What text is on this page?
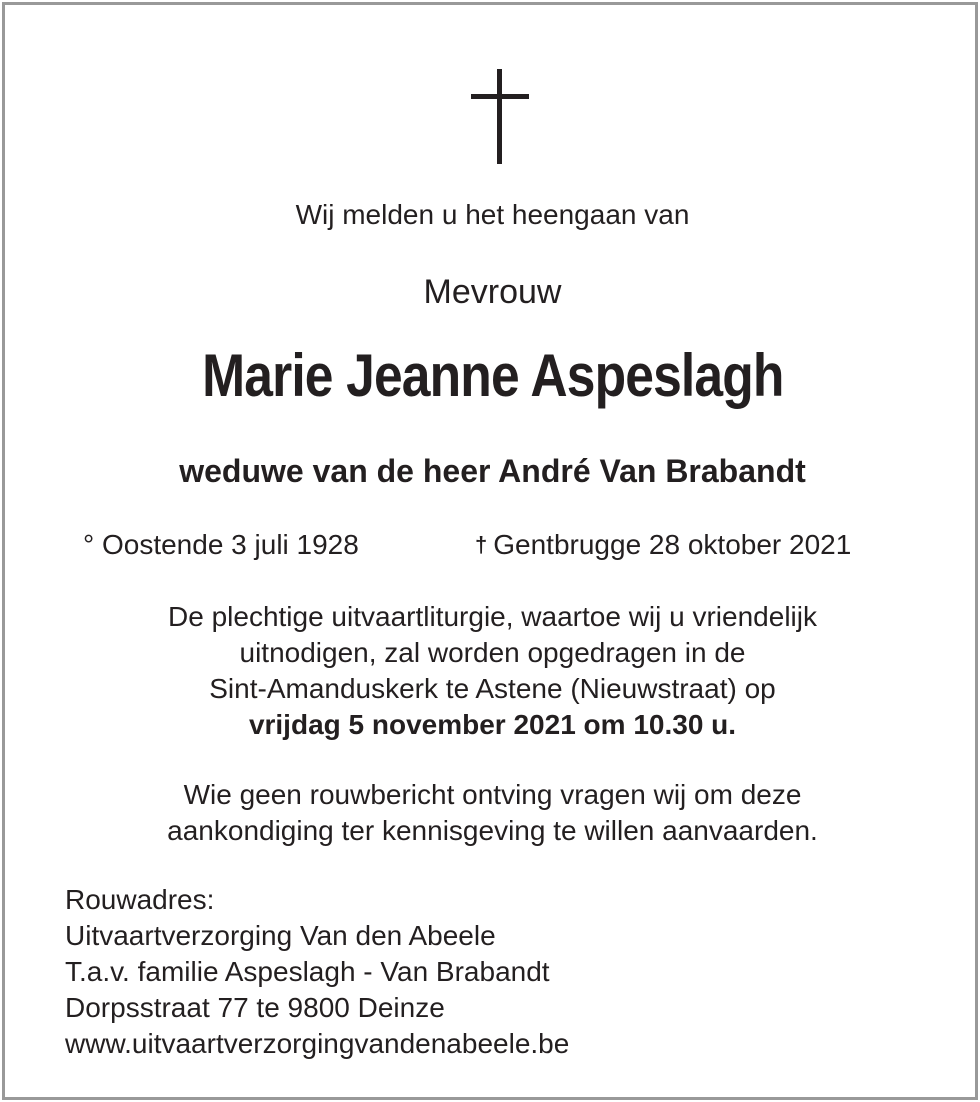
Wij melden u het heengaan van
Mevrouw
Marie Jeanne Aspeslagh
weduwe van de heer André Van Brabandt
° Oostende 3 juli 1928	† Gentbrugge 28 oktober 2021
De plechtige uitvaartliturgie, waartoe wij u vriendelijk
uitnodigen, zal worden opgedragen in de
Sint-Amanduskerk te Astene (Nieuwstraat) op
vrijdag 5 november 2021 om 10.30 u.
Wie geen rouwbericht ontving vragen wij om deze
aankondiging ter kennisgeving te willen aanvaarden.
Rouwadres:
Uitvaartverzorging Van den Abeele
T.a.v. familie Aspeslagh - Van Brabandt
Dorpsstraat 77 te 9800 Deinze
www.uitvaartverzorgingvandenabeele.be
